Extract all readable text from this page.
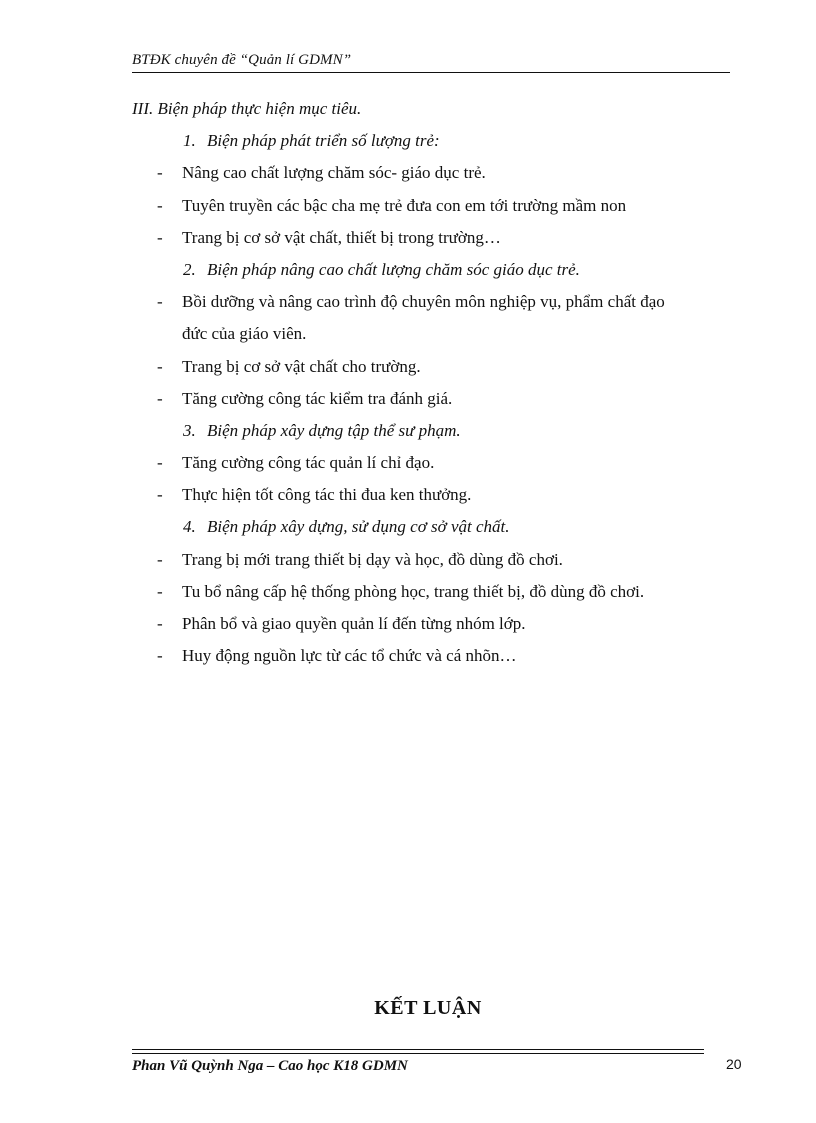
BTĐK chuyên đề “Quản lí GDMN”
III. Biện pháp thực hiện mục tiêu.
1. Biện pháp phát triển số lượng trẻ:
- Nâng cao chất lượng chăm sóc- giáo dục trẻ.
- Tuyên truyền các bậc cha mẹ trẻ đưa con em tới trường mầm non
- Trang bị cơ sở vật chất, thiết bị trong trường…
2. Biện pháp nâng cao chất lượng chăm sóc giáo dục trẻ.
- Bồi dưỡng và nâng cao trình độ chuyên môn nghiệp vụ, phẩm chất đạo
đức của giáo viên.
- Trang bị cơ sở vật chất cho trường.
- Tăng cường công tác kiểm tra đánh giá.
3. Biện pháp xây dựng tập thể sư phạm.
- Tăng cường công tác quản lí chỉ đạo.
- Thực hiện tốt công tác thi đua ken thưởng.
4. Biện pháp xây dựng, sử dụng cơ sở vật chất.
- Trang bị mới trang thiết bị dạy và học, đồ dùng đồ chơi.
- Tu bổ nâng cấp hệ thống phòng học, trang thiết bị, đồ dùng đồ chơi.
- Phân bổ và giao quyền quản lí đến từng nhóm lớp.
- Huy động nguồn lực từ các tổ chức và cá nhõn…
KẾT LUẬN
Phan Vũ Quỳnh Nga – Cao học K18 GDMN	20
